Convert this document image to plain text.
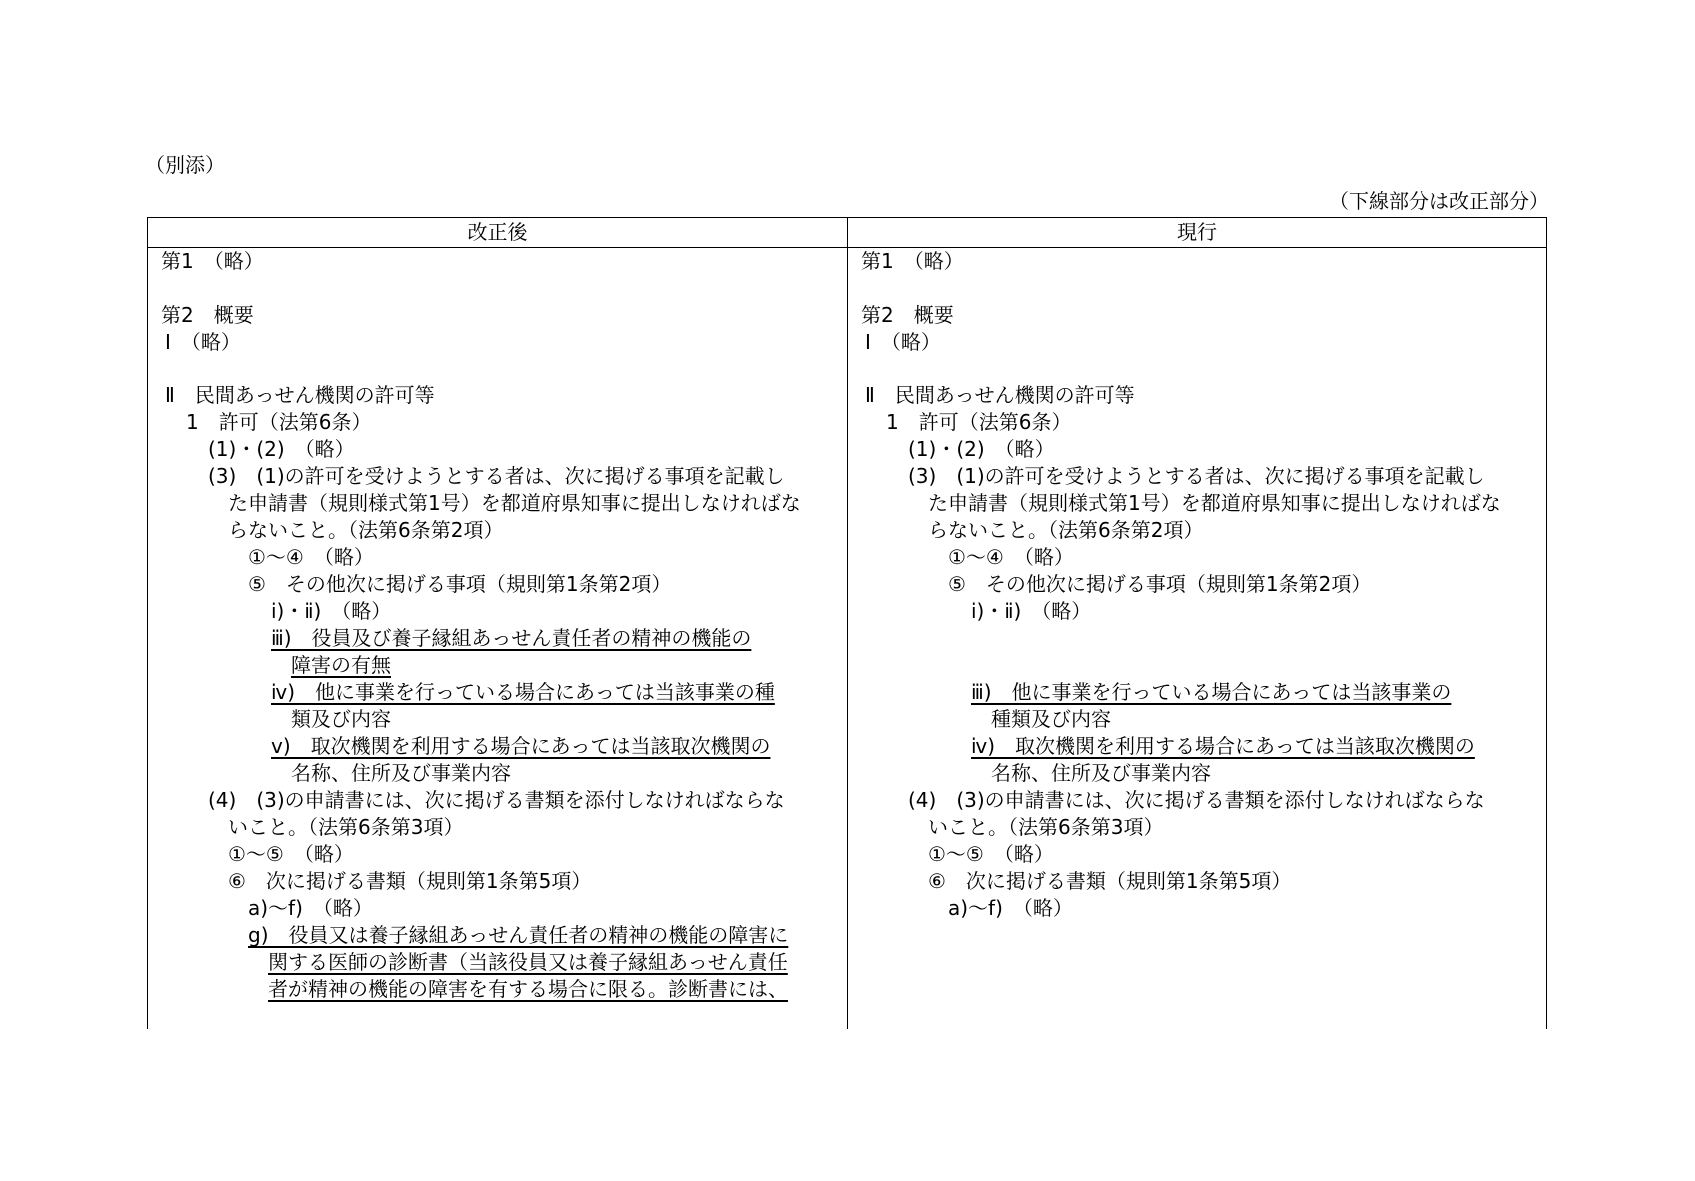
（別添）
（下線部分は改正部分）
改正後	現行
第1　（略）
第2　概要
Ⅰ　（略）
Ⅱ　民間あっせん機関の許可等
1　許可（法第6条）
(1)・(2)　（略）
(3)　(1)の許可を受けようとする者は、次に掲げる事項を記載し
た申請書（規則様式第1号）を都道府県知事に提出しなければな
らないこと。（法第6条第2項）
①～④　（略）
⑤　その他次に掲げる事項（規則第1条第2項）
ⅰ)・ⅱ)　（略）
ⅲ)　役員及び養子縁組あっせん責任者の精神の機能の
障害の有無
ⅳ)　他に事業を行っている場合にあっては当該事業の種
類及び内容
ⅴ)　取次機関を利用する場合にあっては当該取次機関の
名称、住所及び事業内容
(4)　(3)の申請書には、次に掲げる書類を添付しなければならな
いこと。（法第6条第3項）
①～⑤　（略）
⑥　次に掲げる書類（規則第1条第5項）
a)～f)　（略）
g)　役員又は養子縁組あっせん責任者の精神の機能の障害に
関する医師の診断書（当該役員又は養子縁組あっせん責任
者が精神の機能の障害を有する場合に限る。診断書には、
第1　（略）
第2　概要
Ⅰ　（略）
Ⅱ　民間あっせん機関の許可等
1　許可（法第6条）
(1)・(2)　（略）
(3)　(1)の許可を受けようとする者は、次に掲げる事項を記載し
た申請書（規則様式第1号）を都道府県知事に提出しなければな
らないこと。（法第6条第2項）
①～④　（略）
⑤　その他次に掲げる事項（規則第1条第2項）
ⅰ)・ⅱ)　（略）
ⅲ)　他に事業を行っている場合にあっては当該事業の
種類及び内容
ⅳ)　取次機関を利用する場合にあっては当該取次機関の
名称、住所及び事業内容
(4)　(3)の申請書には、次に掲げる書類を添付しなければならな
いこと。（法第6条第3項）
①～⑤　（略）
⑥　次に掲げる書類（規則第1条第5項）
a)～f)　（略）
